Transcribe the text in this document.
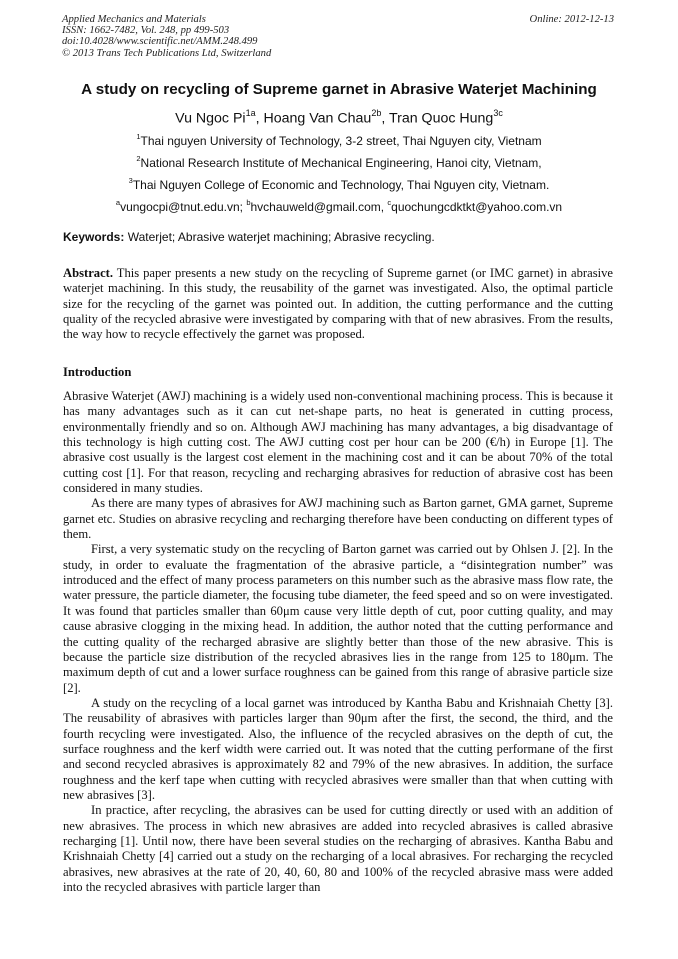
Applied Mechanics and Materials
ISSN: 1662-7482, Vol. 248, pp 499-503
doi:10.4028/www.scientific.net/AMM.248.499
© 2013 Trans Tech Publications Ltd, Switzerland
Online: 2012-12-13
A study on recycling of Supreme garnet in Abrasive Waterjet Machining
Vu Ngoc $Pi^{1a}$, Hoang Van Chau$^{2b}$, Tran Quoc Hung$^{3c}$
$^1$Thai nguyen University of Technology, 3-2 street, Thai Nguyen city, Vietnam
$^2$National Research Institute of Mechanical Engineering, Hanoi city, Vietnam,
$^3$Thai Nguyen College of Economic and Technology, Thai Nguyen city, Vietnam.
$^a$vungocpi@tnut.edu.vn; $^b$hvchauweld@gmail.com, $^c$quochungcdktkt@yahoo.com.vn
Keywords: Waterjet; Abrasive waterjet machining; Abrasive recycling.

Abstract. This paper presents a new study on the recycling of Supreme garnet (or IMC garnet) in abrasive waterjet machining. In this study, the reusability of the garnet was investigated. Also, the optimal particle size for the recycling of the garnet was pointed out. In addition, the cutting performance and the cutting quality of the recycled abrasive were investigated by comparing with that of new abrasives. From the results, the way how to recycle effectively the garnet was proposed.

Introduction

Abrasive Waterjet (AWJ) machining is a widely used non-conventional machining process. This is because it has many advantages such as it can cut net-shape parts, no heat is generated in cutting process, environmentally friendly and so on. Although AWJ machining has many advantages, a big disadvantage of this technology is high cutting cost. The AWJ cutting cost per hour can be 200 (€/h) in Europe [1]. The abrasive cost usually is the largest cost element in the machining cost and it can be about 70% of the total cutting cost [1]. For that reason, recycling and recharging abrasives for reduction of abrasive cost has been considered in many studies.

As there are many types of abrasives for AWJ machining such as Barton garnet, GMA garnet, Supreme garnet etc. Studies on abrasive recycling and recharging therefore have been conducting on different types of them.

First, a very systematic study on the recycling of Barton garnet was carried out by Ohlsen J. [2]. In the study, in order to evaluate the fragmentation of the abrasive particle, a “disintegration number” was introduced and the effect of many process parameters on this number such as the abrasive mass flow rate, the water pressure, the particle diameter, the focusing tube diameter, the feed speed and so on were investigated. It was found that particles smaller than 60μm cause very little depth of cut, poor cutting quality, and may cause abrasive clogging in the mixing head. In addition, the author noted that the cutting performance and the cutting quality of the recharged abrasive are slightly better than those of the new abrasive. This is because the particle size distribution of the recycled abrasives lies in the range from 125 to 180μm. The maximum depth of cut and a lower surface roughness can be gained from this range of abrasive particle size [2].

A study on the recycling of a local garnet was introduced by Kantha Babu and Krishnaiah Chetty [3]. The reusability of abrasives with particles larger than 90μm after the first, the second, the third, and the fourth recycling were investigated. Also, the influence of the recycled abrasives on the depth of cut, the surface roughness and the kerf width were carried out. It was noted that the cutting performane of the first and second recycled abrasives is approximately 82 and 79% of the new abrasives. In addition, the surface roughness and the kerf tape when cutting with recycled abrasives were smaller than that when cutting with new abrasives [3].

In practice, after recycling, the abrasives can be used for cutting directly or used with an addition of new abrasives. The process in which new abrasives are added into recycled abrasives is called abrasive recharging [1]. Until now, there have been several studies on the recharging of abrasives. Kantha Babu and Krishnaiah Chetty [4] carried out a study on the recharging of a local abrasives. For recharging the recycled abrasives, new abrasives at the rate of 20, 40, 60, 80 and 100% of the recycled abrasive mass were added into the recycled abrasives with particle larger than
